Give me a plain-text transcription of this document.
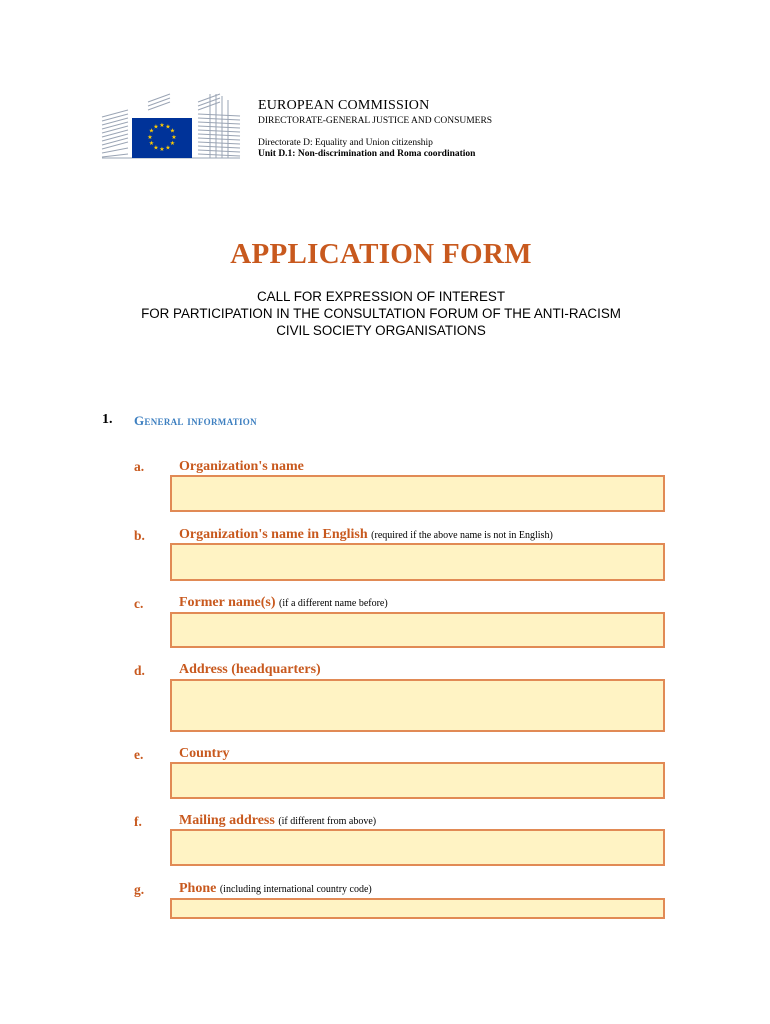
★ ★
★
★
★
★
★
★
★
★
★
★
EUROPEAN COMMISSION
DIRECTORATE-GENERAL JUSTICE AND CONSUMERS
Directorate D: Equality and Union citizenship
Unit D.1: Non-discrimination and Roma coordination
APPLICATION FORM
CALL FOR EXPRESSION OF INTEREST
FOR PARTICIPATION IN THE CONSULTATION FORUM OF THE ANTI-RACISM
CIVIL SOCIETY ORGANISATIONS
1. General information
a. Organization's name
b. Organization's name in English (required if the above name is not in English)
c.	Former name(s) (if a different name before)
d. Address (headquarters)
e.	Country
f.	Mailing address (if different from above)
g. Phone (including international country code)
